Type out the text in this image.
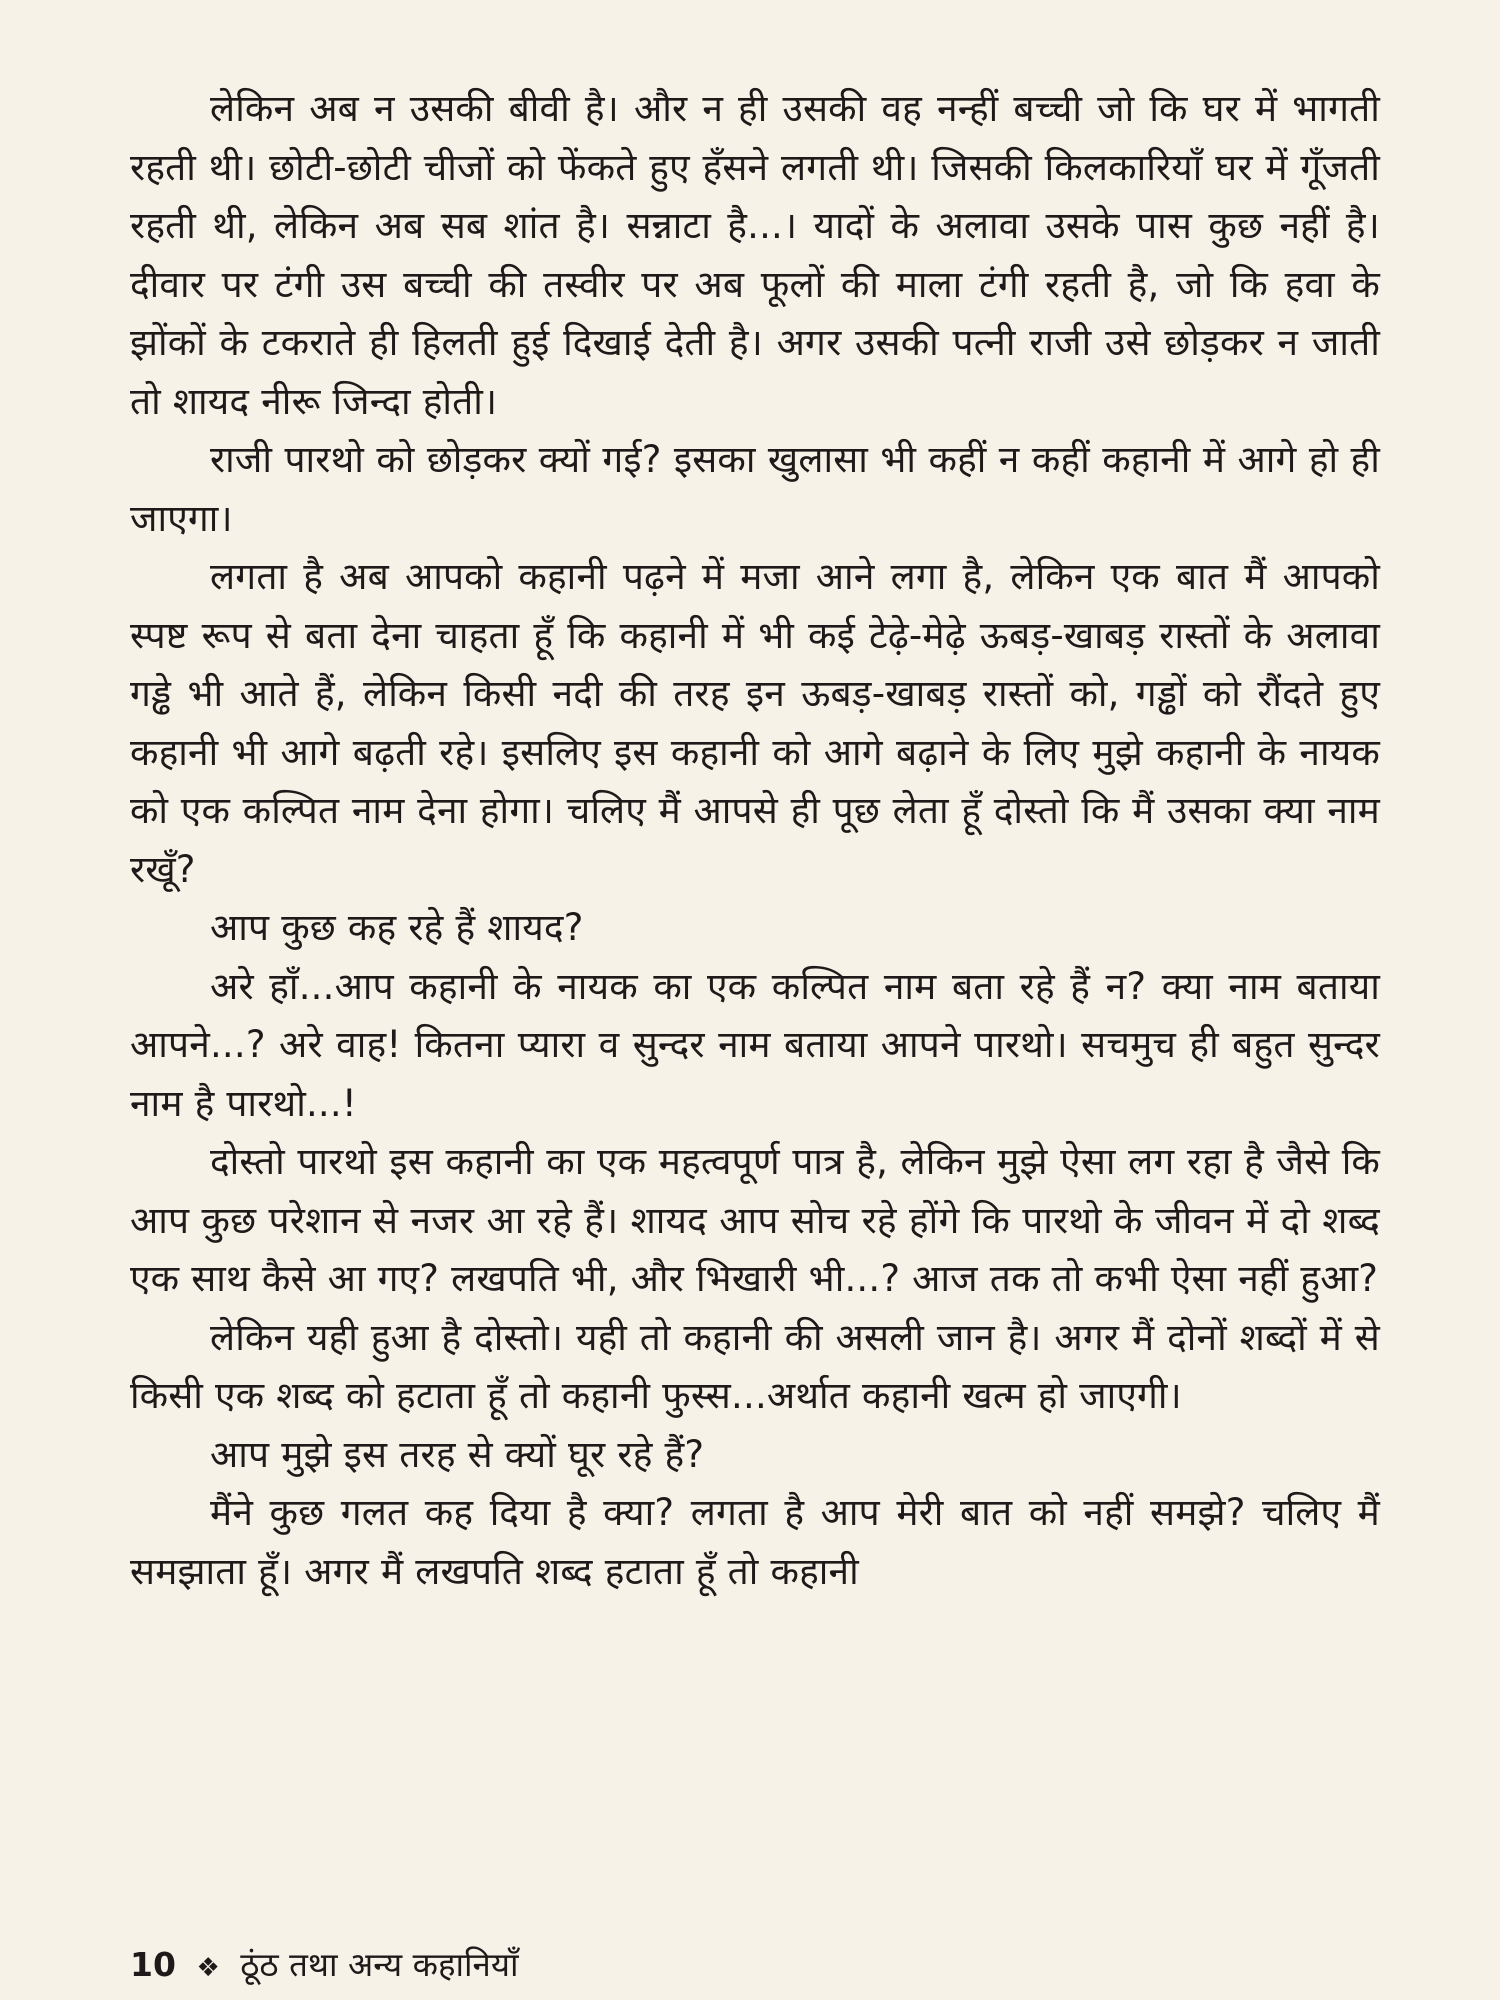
लेकिन अब न उसकी बीवी है। और न ही उसकी वह नन्हीं बच्ची जो कि घर में भागती रहती थी। छोटी-छोटी चीजों को फेंकते हुए हँसने लगती थी। जिसकी किलकारियाँ घर में गूँजती रहती थी, लेकिन अब सब शांत है। सन्नाटा है...। यादों के अलावा उसके पास कुछ नहीं है। दीवार पर टंगी उस बच्ची की तस्वीर पर अब फूलों की माला टंगी रहती है, जो कि हवा के झोंकों के टकराते ही हिलती हुई दिखाई देती है। अगर उसकी पत्नी राजी उसे छोड़कर न जाती तो शायद नीरू जिन्दा होती।

राजी पारथो को छोड़कर क्यों गई? इसका खुलासा भी कहीं न कहीं कहानी में आगे हो ही जाएगा।

लगता है अब आपको कहानी पढ़ने में मजा आने लगा है, लेकिन एक बात मैं आपको स्पष्ट रूप से बता देना चाहता हूँ कि कहानी में भी कई टेढ़े-मेढ़े ऊबड़-खाबड़ रास्तों के अलावा गड्ढे भी आते हैं, लेकिन किसी नदी की तरह इन ऊबड़-खाबड़ रास्तों को, गड्ढों को रौंदते हुए कहानी भी आगे बढ़ती रहे। इसलिए इस कहानी को आगे बढ़ाने के लिए मुझे कहानी के नायक को एक कल्पित नाम देना होगा। चलिए मैं आपसे ही पूछ लेता हूँ दोस्तो कि मैं उसका क्या नाम रखूँ?

आप कुछ कह रहे हैं शायद?

अरे हाँ...आप कहानी के नायक का एक कल्पित नाम बता रहे हैं न? क्या नाम बताया आपने...? अरे वाह! कितना प्यारा व सुन्दर नाम बताया आपने पारथो। सचमुच ही बहुत सुन्दर नाम है पारथो...!

दोस्तो पारथो इस कहानी का एक महत्वपूर्ण पात्र है, लेकिन मुझे ऐसा लग रहा है जैसे कि आप कुछ परेशान से नजर आ रहे हैं। शायद आप सोच रहे होंगे कि पारथो के जीवन में दो शब्द एक साथ कैसे आ गए? लखपति भी, और भिखारी भी...? आज तक तो कभी ऐसा नहीं हुआ?

लेकिन यही हुआ है दोस्तो। यही तो कहानी की असली जान है। अगर मैं दोनों शब्दों में से किसी एक शब्द को हटाता हूँ तो कहानी फुस्स...अर्थात कहानी खत्म हो जाएगी।

आप मुझे इस तरह से क्यों घूर रहे हैं?

मैंने कुछ गलत कह दिया है क्या? लगता है आप मेरी बात को नहीं समझे? चलिए मैं समझाता हूँ। अगर मैं लखपति शब्द हटाता हूँ तो कहानी

10 ❖ ठूंठ तथा अन्य कहानियाँ
